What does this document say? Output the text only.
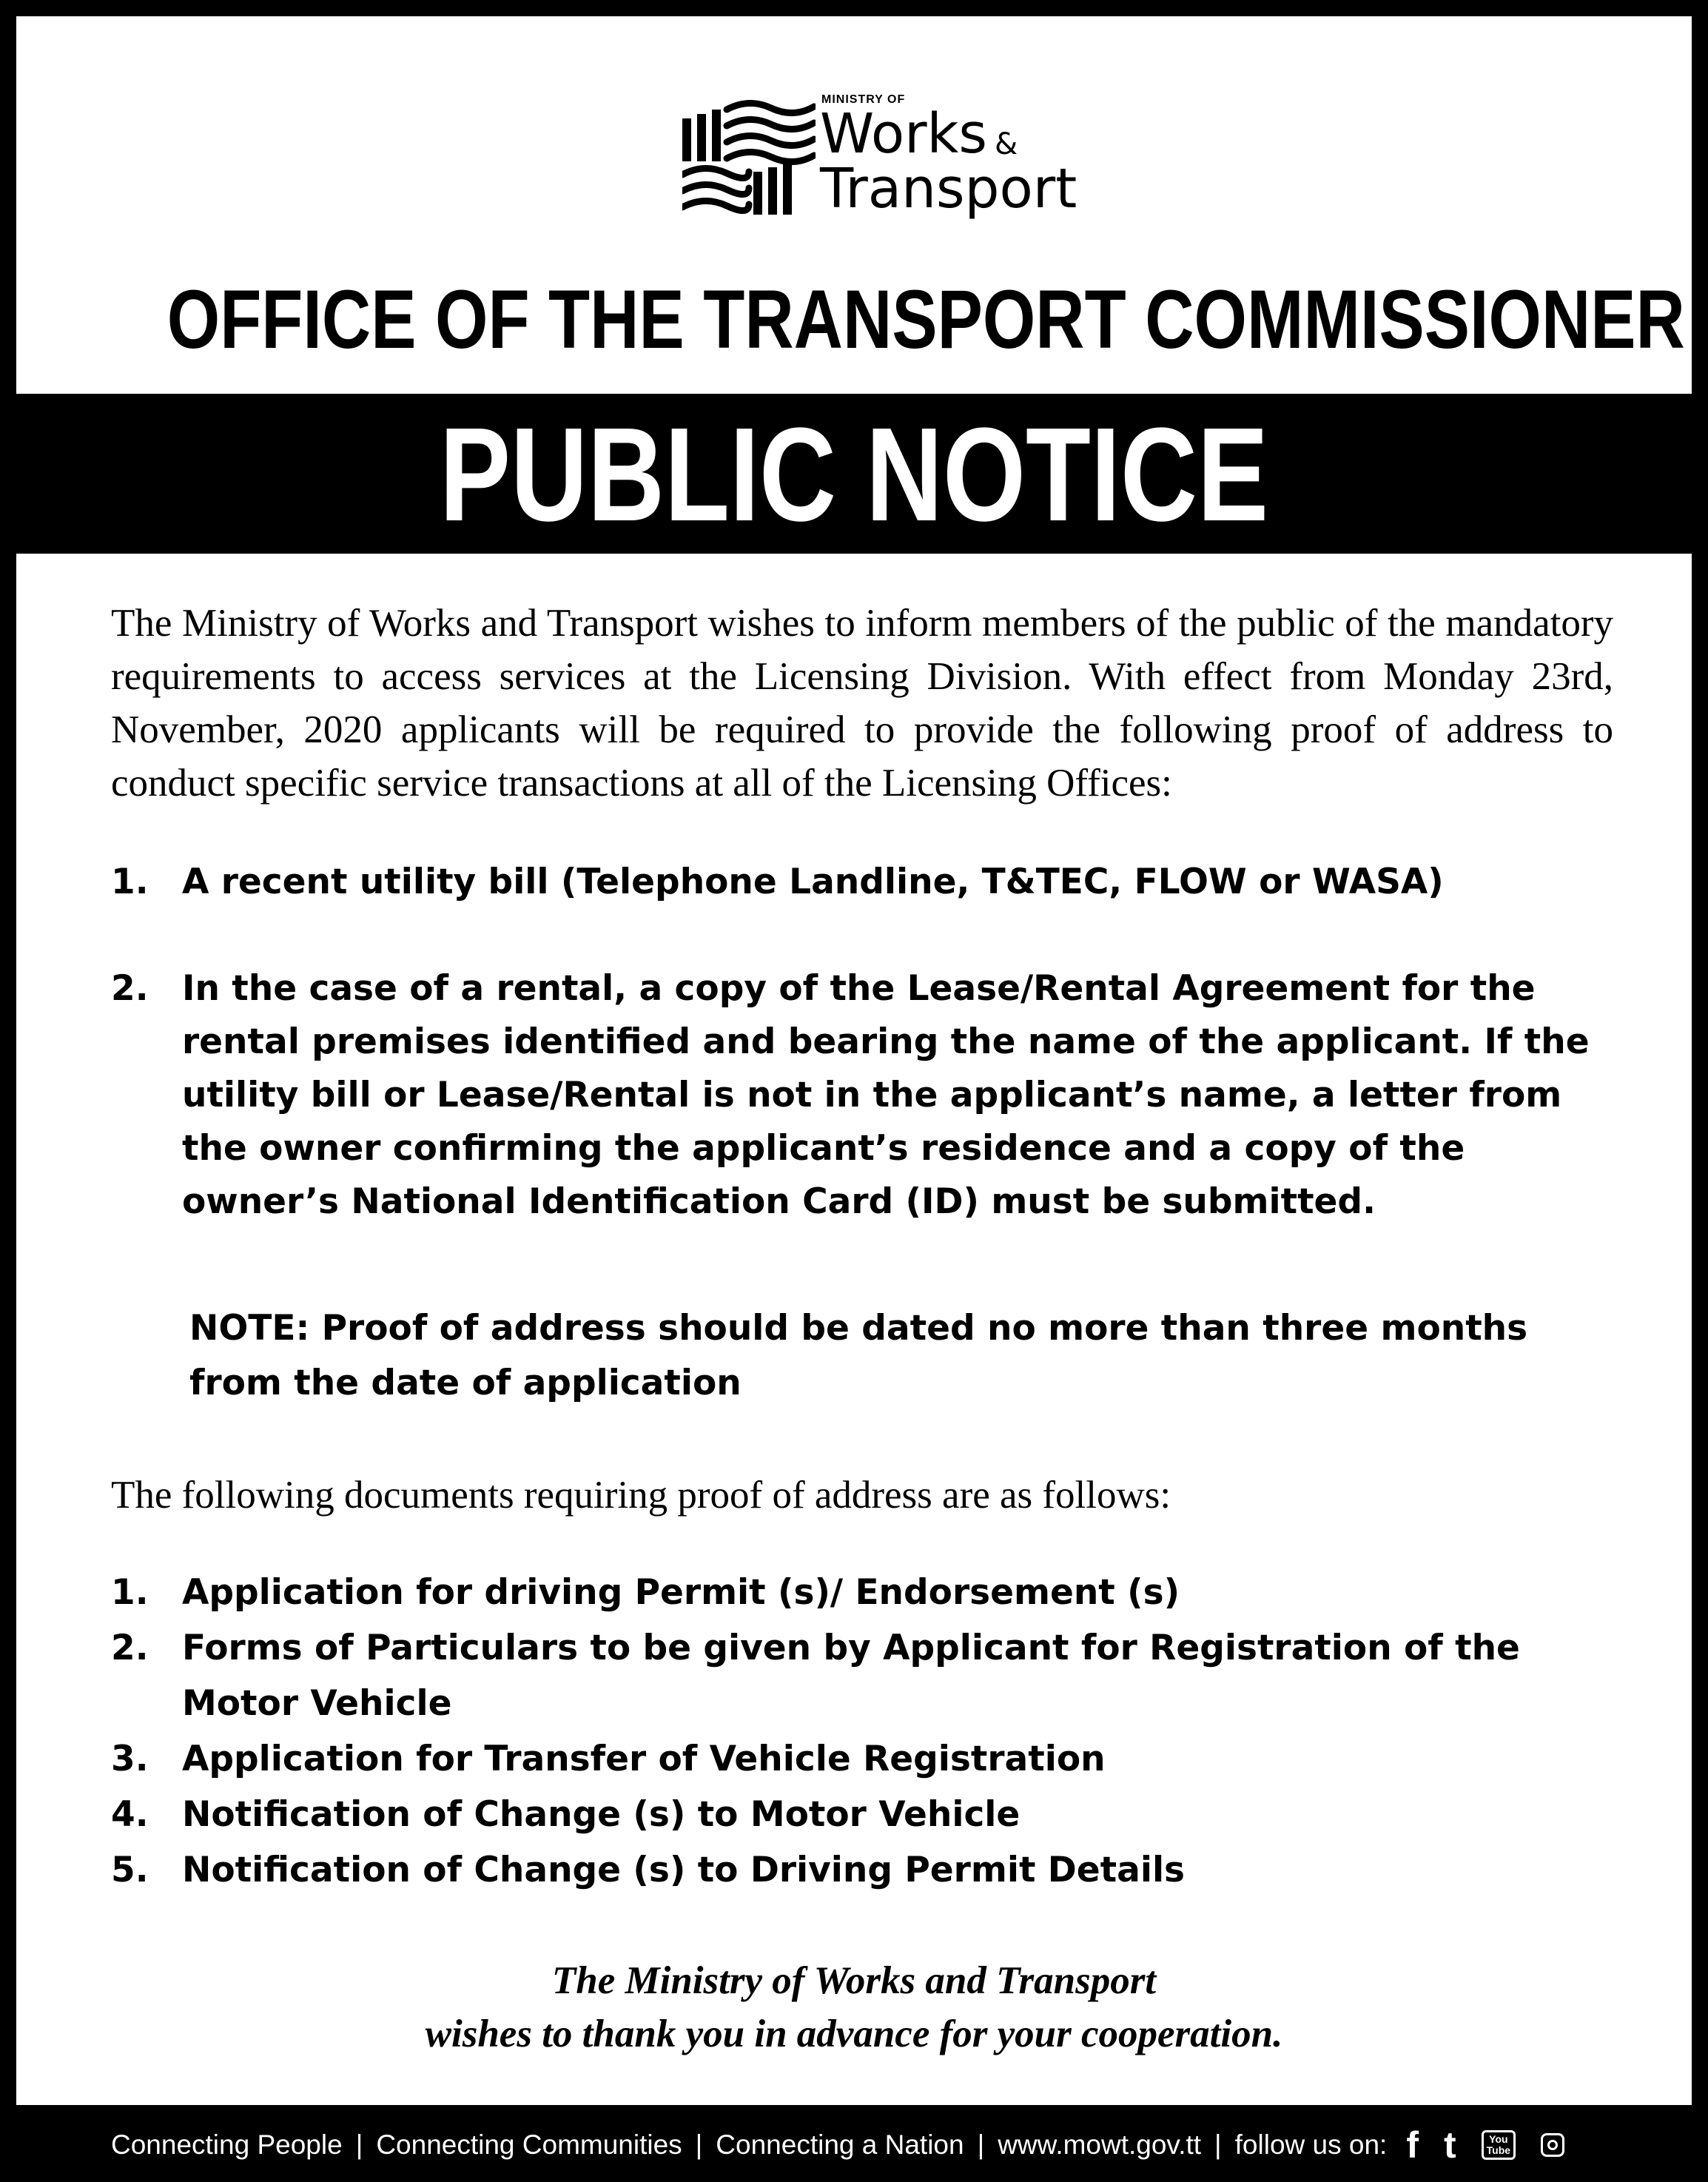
MINISTRY OF
Works &
Transport
OFFICE OF THE TRANSPORT COMMISSIONER
PUBLIC NOTICE
The Ministry of Works and Transport wishes to inform members of the public of the mandatory requirements to access services at the Licensing Division. With effect from Monday 23rd, November, 2020 applicants will be required to provide the following proof of address to conduct specific service transactions at all of the Licensing Offices:
1. A recent utility bill (Telephone Landline, T&TEC, FLOW or WASA)
2. In the case of a rental, a copy of the Lease/Rental Agreement for the rental premises identified and bearing the name of the applicant. If the utility bill or Lease/Rental is not in the applicant’s name, a letter from the owner confirming the applicant’s residence and a copy of the owner’s National Identification Card (ID) must be submitted.
NOTE: Proof of address should be dated no more than three months from the date of application
The following documents requiring proof of address are as follows:
1. Application for driving Permit (s)/ Endorsement (s)
2. Forms of Particulars to be given by Applicant for Registration of the Motor Vehicle
3. Application for Transfer of Vehicle Registration
4. Notification of Change (s) to Motor Vehicle
5. Notification of Change (s) to Driving Permit Details
The Ministry of Works and Transport
wishes to thank you in advance for your cooperation.
Connecting People | Connecting Communities | Connecting a Nation | www.mowt.gov.tt | follow us on: f t	You
Tube
